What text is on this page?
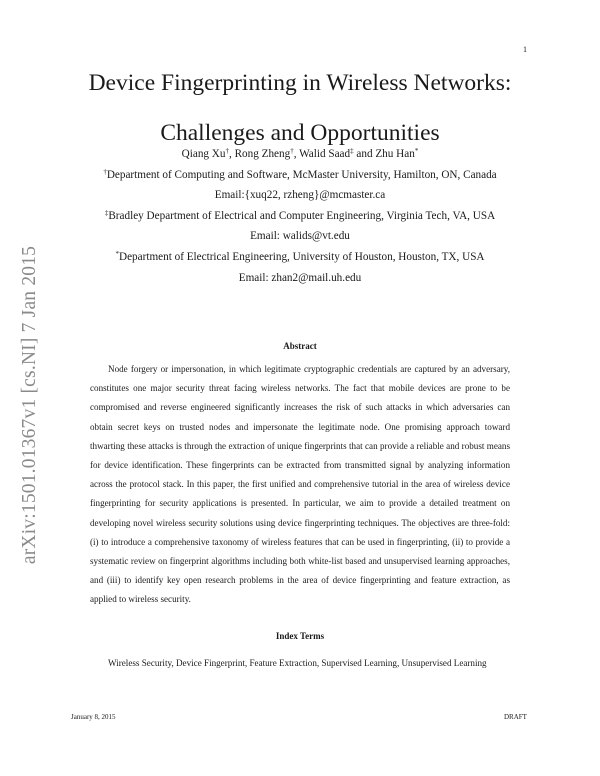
1
arXiv:1501.01367v1 [cs.NI] 7 Jan 2015
Device Fingerprinting in Wireless Networks:
Challenges and Opportunities
Qiang Xu†, Rong Zheng†, Walid Saad‡ and Zhu Han*
†Department of Computing and Software, McMaster University, Hamilton, ON, Canada
Email:{xuq22, rzheng}@mcmaster.ca
‡Bradley Department of Electrical and Computer Engineering, Virginia Tech, VA, USA
Email: walids@vt.edu
*Department of Electrical Engineering, University of Houston, Houston, TX, USA
Email: zhan2@mail.uh.edu
Abstract

Node forgery or impersonation, in which legitimate cryptographic credentials are captured by an adversary, constitutes one major security threat facing wireless networks. The fact that mobile devices are prone to be compromised and reverse engineered significantly increases the risk of such attacks in which adversaries can obtain secret keys on trusted nodes and impersonate the legitimate node. One promising approach toward thwarting these attacks is through the extraction of unique fingerprints that can provide a reliable and robust means for device identification. These fingerprints can be extracted from transmitted signal by analyzing information across the protocol stack. In this paper, the first unified and comprehensive tutorial in the area of wireless device fingerprinting for security applications is presented. In particular, we aim to provide a detailed treatment on developing novel wireless security solutions using device fingerprinting techniques. The objectives are three-fold: (i) to introduce a comprehensive taxonomy of wireless features that can be used in fingerprinting, (ii) to provide a systematic review on fingerprint algorithms including both white-list based and unsupervised learning approaches, and (iii) to identify key open research problems in the area of device fingerprinting and feature extraction, as applied to wireless security.

Index Terms

Wireless Security, Device Fingerprint, Feature Extraction, Supervised Learning, Unsupervised Learning

January 8, 2015	DRAFT
